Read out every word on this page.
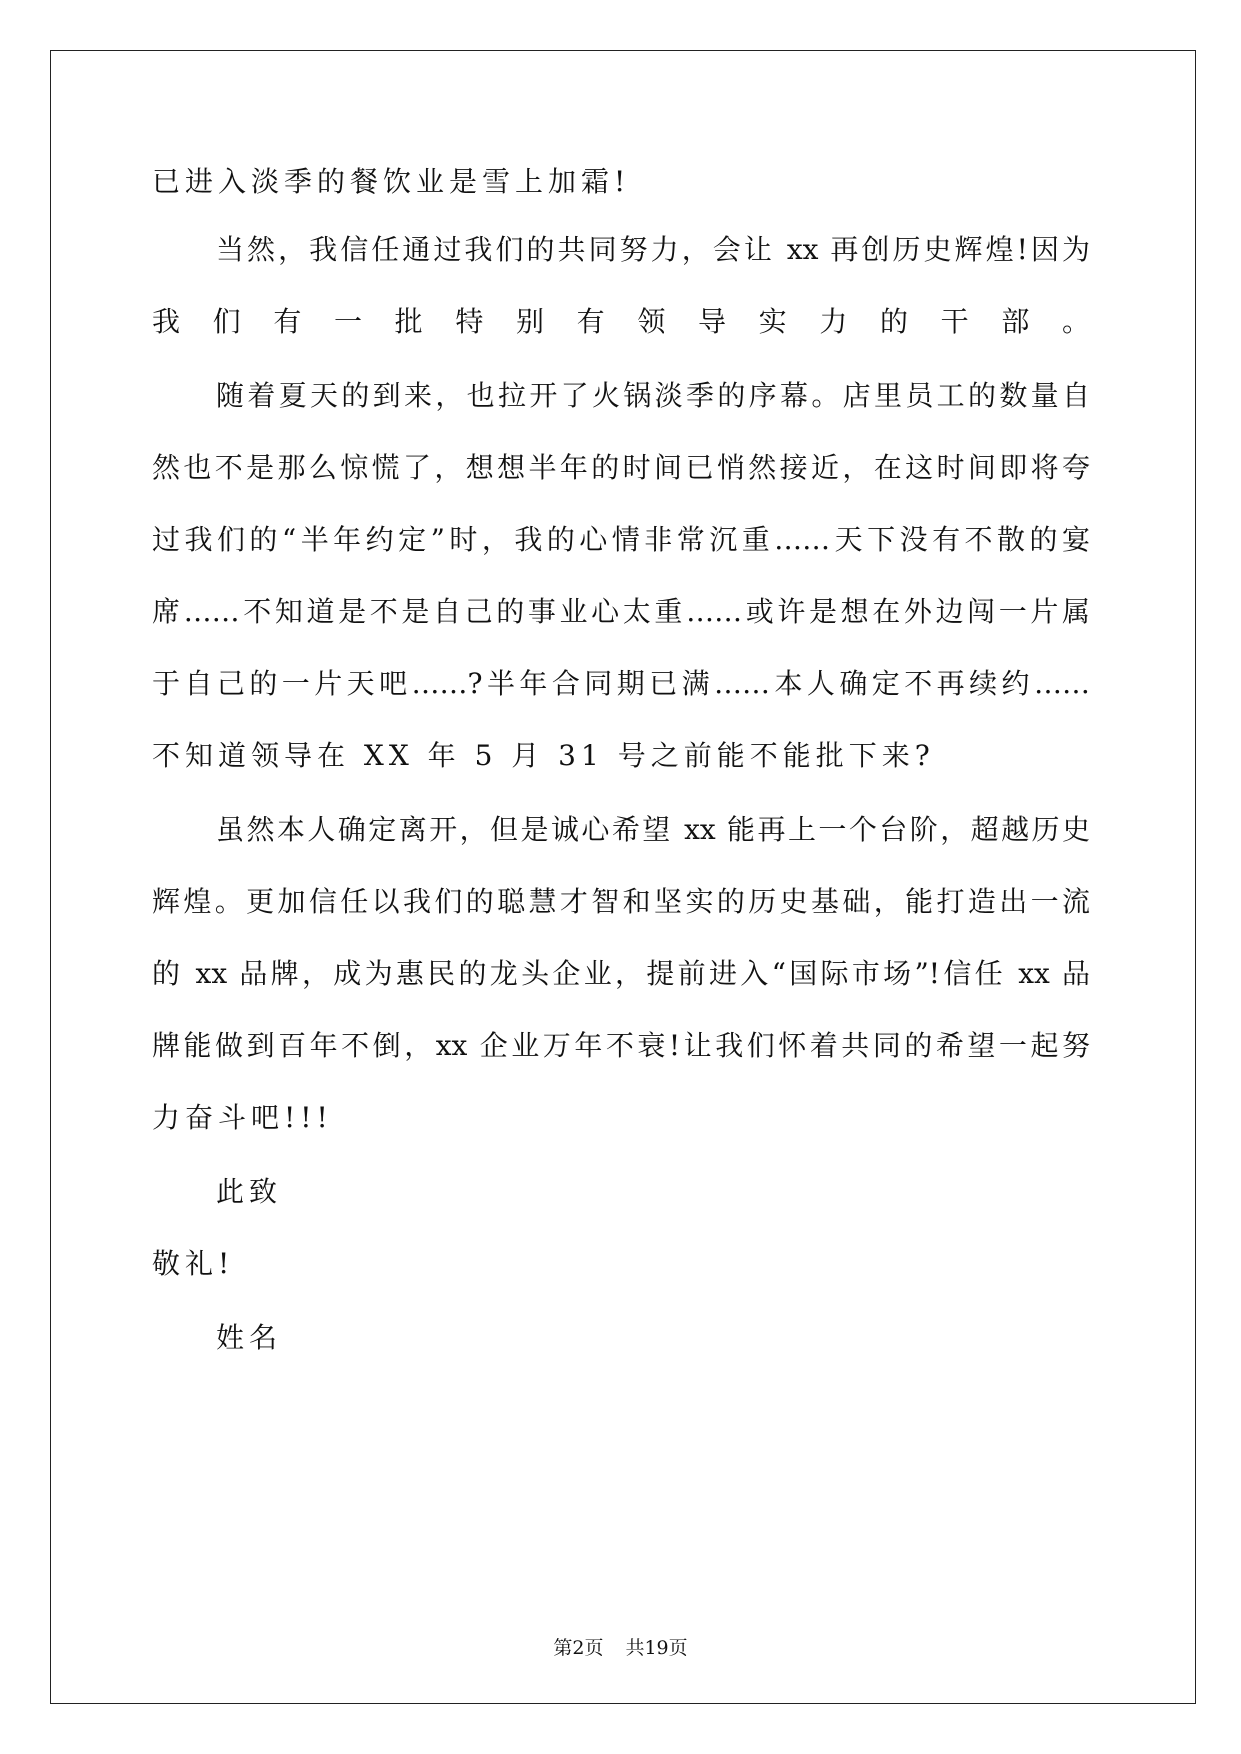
已进入淡季的餐饮业是雪上加霜!
当然，我信任通过我们的共同努力，会让 xx 再创历史辉煌!因为
我们有一批特别有领导实力的干部。
随着夏天的到来，也拉开了火锅淡季的序幕。店里员工的数量自
然也不是那么惊慌了，想想半年的时间已悄然接近，在这时间即将夸
过我们的“半年约定”时，我的心情非常沉重……天下没有不散的宴
席……不知道是不是自己的事业心太重……或许是想在外边闯一片属
于自己的一片天吧……?半年合同期已满……本人确定不再续约……
不知道领导在 XX 年 5 月 31 号之前能不能批下来?
虽然本人确定离开，但是诚心希望 xx 能再上一个台阶，超越历史
辉煌。更加信任以我们的聪慧才智和坚实的历史基础，能打造出一流
的 xx 品牌，成为惠民的龙头企业，提前进入“国际市场”!信任 xx 品
牌能做到百年不倒，xx 企业万年不衰!让我们怀着共同的希望一起努
力奋斗吧!!!
此致
敬礼!
姓名
第2页 共19页
